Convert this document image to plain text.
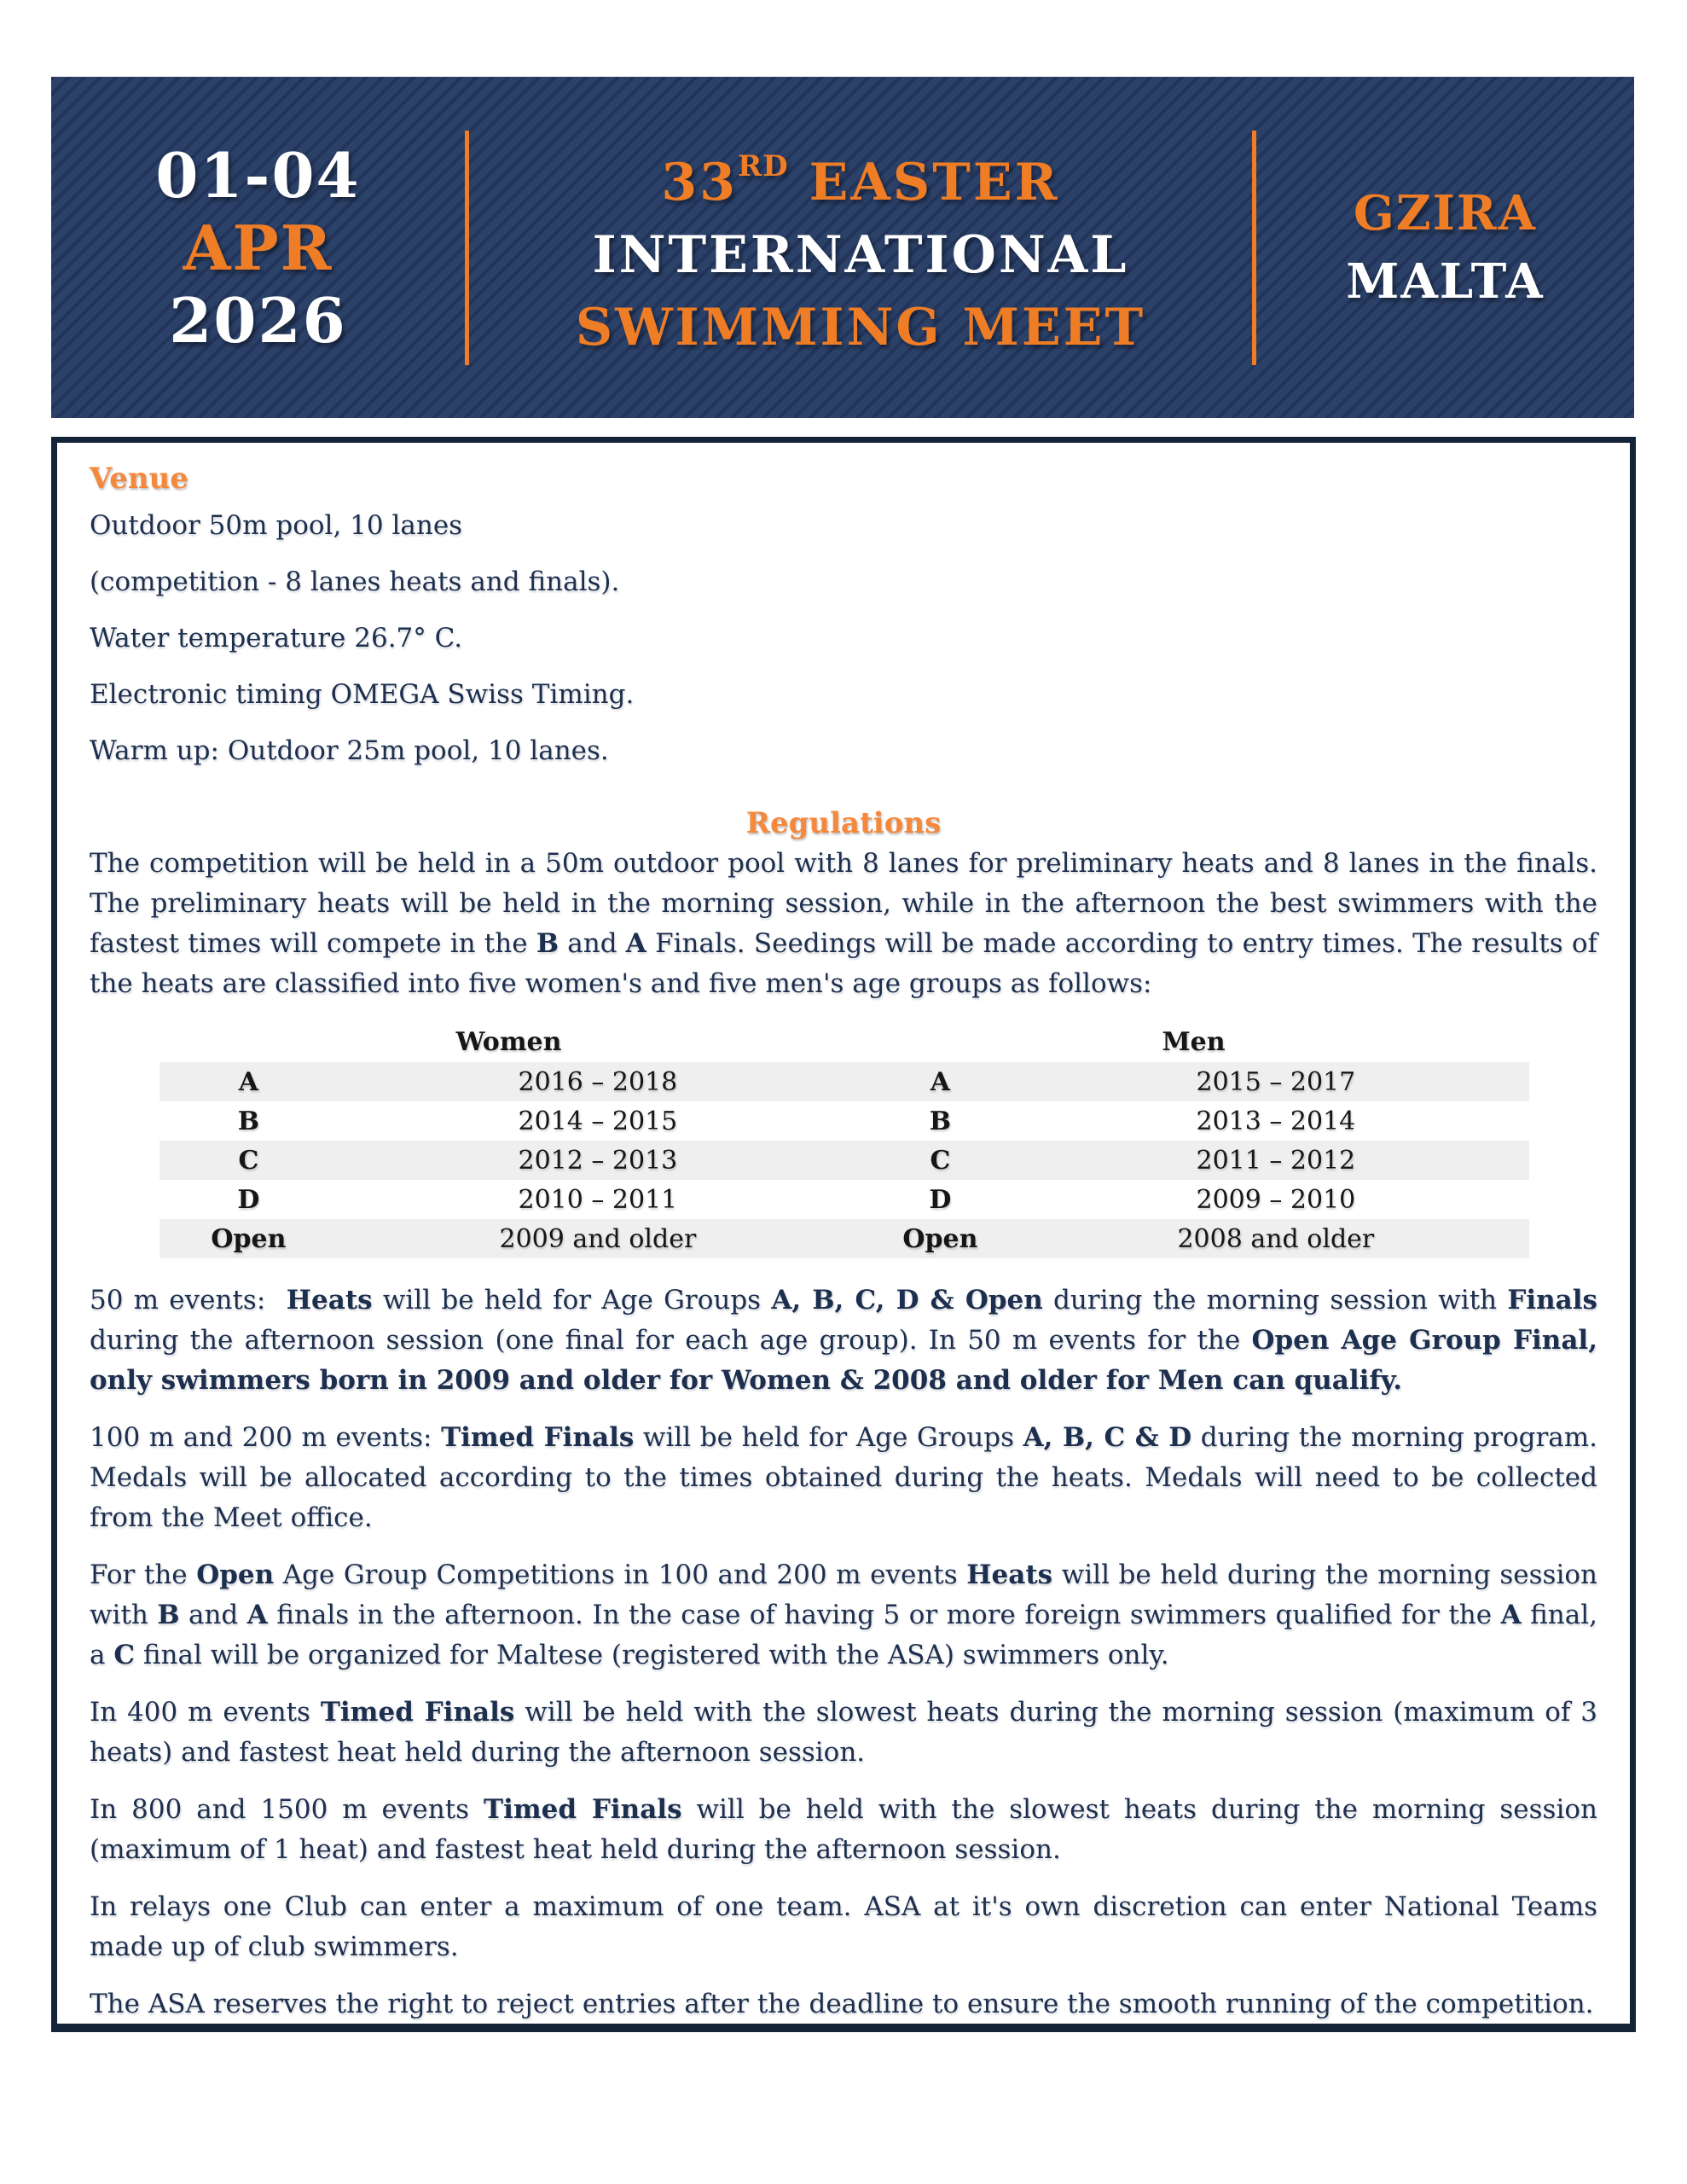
01-04
APR
2026
33RD EASTER
INTERNATIONAL
SWIMMING MEET
GZIRA
MALTA
Venue

Outdoor 50m pool, 10 lanes

(competition - 8 lanes heats and finals).

Water temperature 26.7° C.

Electronic timing OMEGA Swiss Timing.

Warm up: Outdoor 25m pool, 10 lanes.

Regulations

The competition will be held in a 50m outdoor pool with 8 lanes for preliminary heats and 8 lanes in the finals. The preliminary heats will be held in the morning session, while in the afternoon the best swimmers with the fastest times will compete in the B and A Finals. Seedings will be made according to entry times. The results of the heats are classified into five women's and five men's age groups as follows:

Women		Men	
A	2016 – 2018	A	2015 – 2017
B	2014 – 2015	B	2013 – 2014
C	2012 – 2013	C	2011 – 2012
D	2010 – 2011	D	2009 – 2010
Open	2009 and older	Open	2008 and older

50 m events:  Heats will be held for Age Groups A, B, C, D & Open during the morning session with Finals during the afternoon session (one final for each age group). In 50 m events for the Open Age Group Final, only swimmers born in 2009 and older for Women & 2008 and older for Men can qualify.

100 m and 200 m events: Timed Finals will be held for Age Groups A, B, C & D during the morning program. Medals will be allocated according to the times obtained during the heats. Medals will need to be collected from the Meet office.

For the Open Age Group Competitions in 100 and 200 m events Heats will be held during the morning session with B and A finals in the afternoon. In the case of having 5 or more foreign swimmers qualified for the A final, a C final will be organized for Maltese (registered with the ASA) swimmers only.

In 400 m events Timed Finals will be held with the slowest heats during the morning session (maximum of 3 heats) and fastest heat held during the afternoon session.

In 800 and 1500 m events Timed Finals will be held with the slowest heats during the morning session (maximum of 1 heat) and fastest heat held during the afternoon session.

In relays one Club can enter a maximum of one team. ASA at it's own discretion can enter National Teams made up of club swimmers.

The ASA reserves the right to reject entries after the deadline to ensure the smooth running of the competition.
